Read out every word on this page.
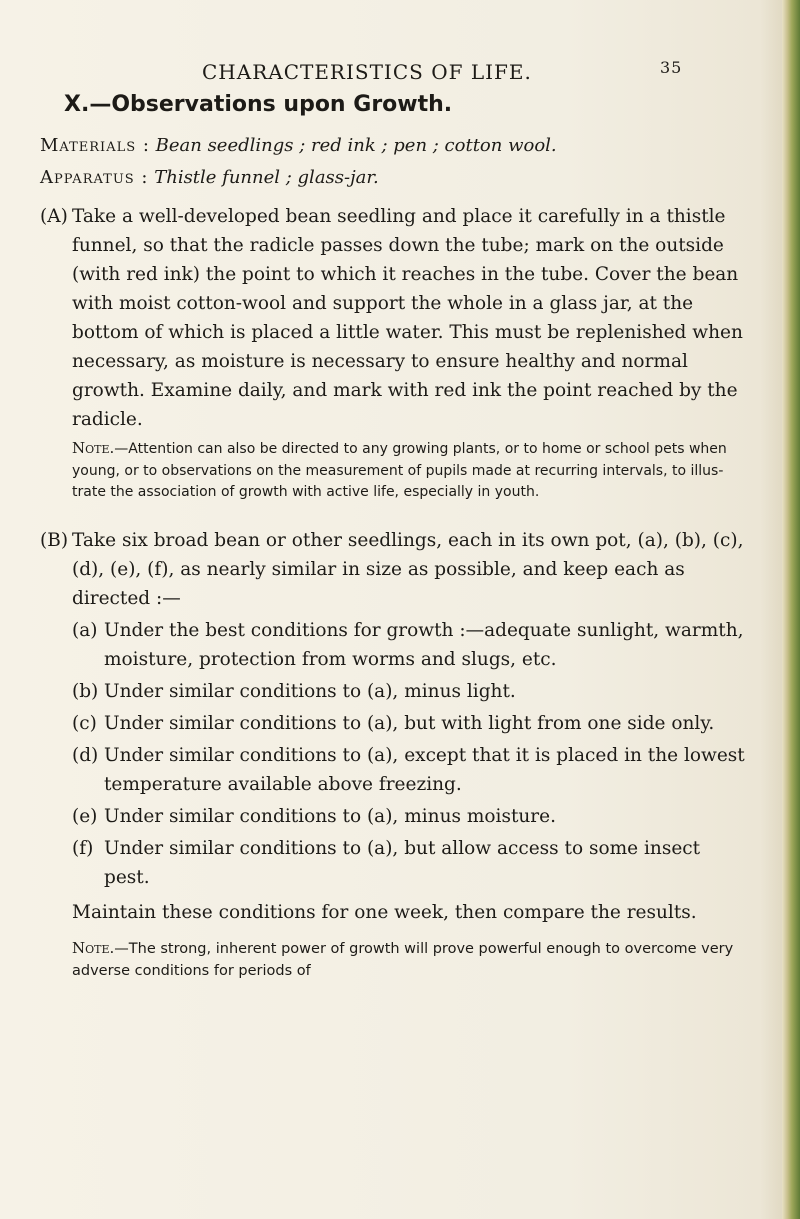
CHARACTERISTICS OF LIFE.	35
X.—Observations upon Growth.
Materials : Bean seedlings ; red ink ; pen ; cotton wool.
Apparatus : Thistle funnel ; glass-jar.
(A) Take a well-developed bean seedling and place it carefully in a thistle funnel, so that the radicle passes down the tube; mark on the outside (with red ink) the point to which it reaches in the tube. Cover the bean with moist cotton-wool and support the whole in a glass jar, at the bottom of which is placed a little water. This must be replenished when necessary, as moisture is necessary to ensure healthy and normal growth. Examine daily, and mark with red ink the point reached by the radicle.

Note.—Attention can also be directed to any growing plants, or to home or school pets when young, or to observations on the measurement of pupils made at recurring intervals, to illus-trate the association of growth with active life, especially in youth.
(B) Take six broad bean or other seedlings, each in its own pot, (a), (b), (c), (d), (e), (f), as nearly similar in size as possible, and keep each as directed :—

(a) Under the best conditions for growth :—adequate sunlight, warmth, moisture, protection from worms and slugs, etc.
(b) Under similar conditions to (a), minus light.
(c) Under similar conditions to (a), but with light from one side only.
(d) Under similar conditions to (a), except that it is placed in the lowest temperature available above freezing.
(e) Under similar conditions to (a), minus moisture.
(f) Under similar conditions to (a), but allow access to some insect pest.
Maintain these conditions for one week, then compare the results.
Note.—The strong, inherent power of growth will prove powerful enough to overcome very adverse conditions for periods of
